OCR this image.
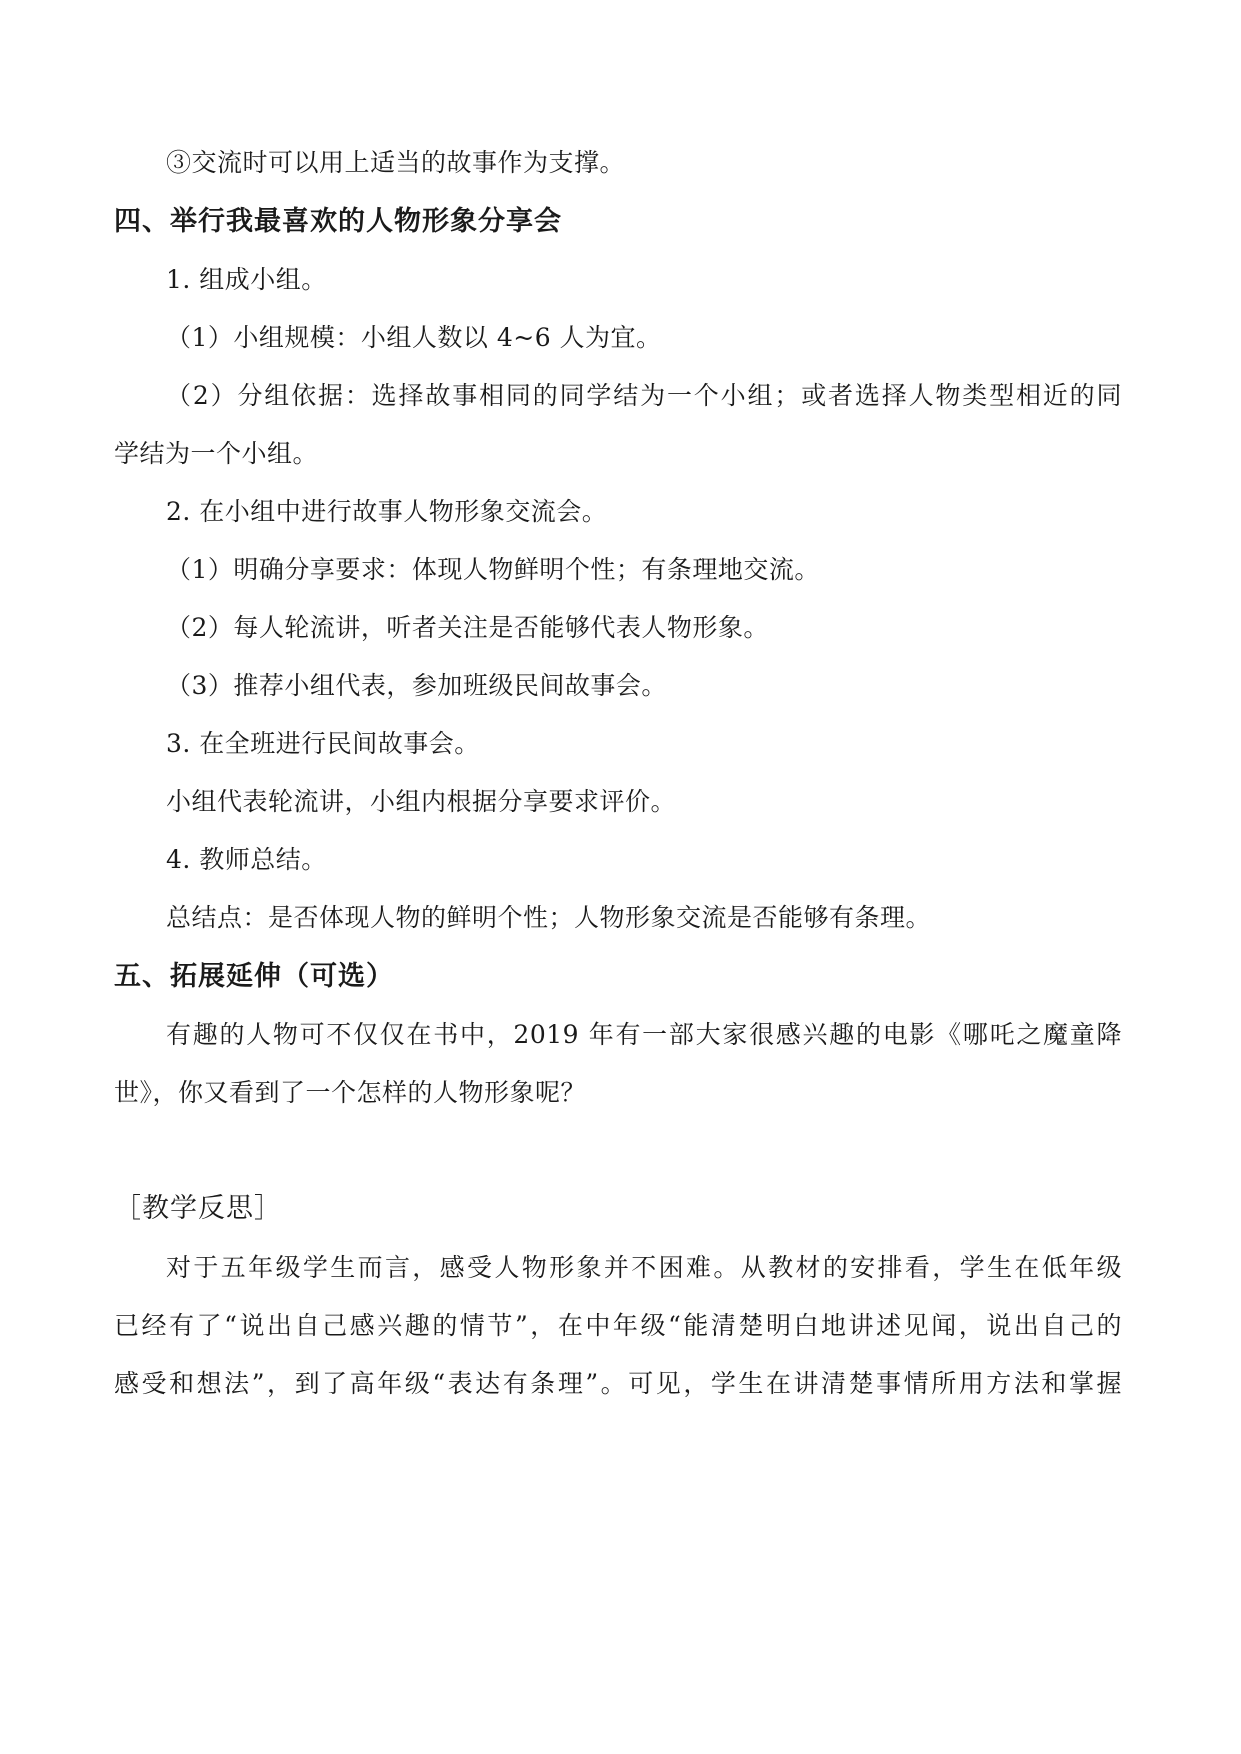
③交流时可以用上适当的故事作为支撑。
四、举行我最喜欢的人物形象分享会
1. 组成小组。
（1）小组规模：小组人数以 4~6 人为宜。
（2）分组依据：选择故事相同的同学结为一个小组；或者选择人物类型相近的同
学结为一个小组。
2. 在小组中进行故事人物形象交流会。
（1）明确分享要求：体现人物鲜明个性；有条理地交流。
（2）每人轮流讲，听者关注是否能够代表人物形象。
（3）推荐小组代表，参加班级民间故事会。
3. 在全班进行民间故事会。
小组代表轮流讲，小组内根据分享要求评价。
4. 教师总结。
总结点：是否体现人物的鲜明个性；人物形象交流是否能够有条理。
五、拓展延伸（可选）
有趣的人物可不仅仅在书中，2019 年有一部大家很感兴趣的电影《哪吒之魔童降
世》，你又看到了一个怎样的人物形象呢？
［教学反思］
对于五年级学生而言，感受人物形象并不困难。从教材的安排看，学生在低年级
已经有了“说出自己感兴趣的情节”，在中年级“能清楚明白地讲述见闻，说出自己的
感受和想法”，到了高年级“表达有条理”。可见，学生在讲清楚事情所用方法和掌握
